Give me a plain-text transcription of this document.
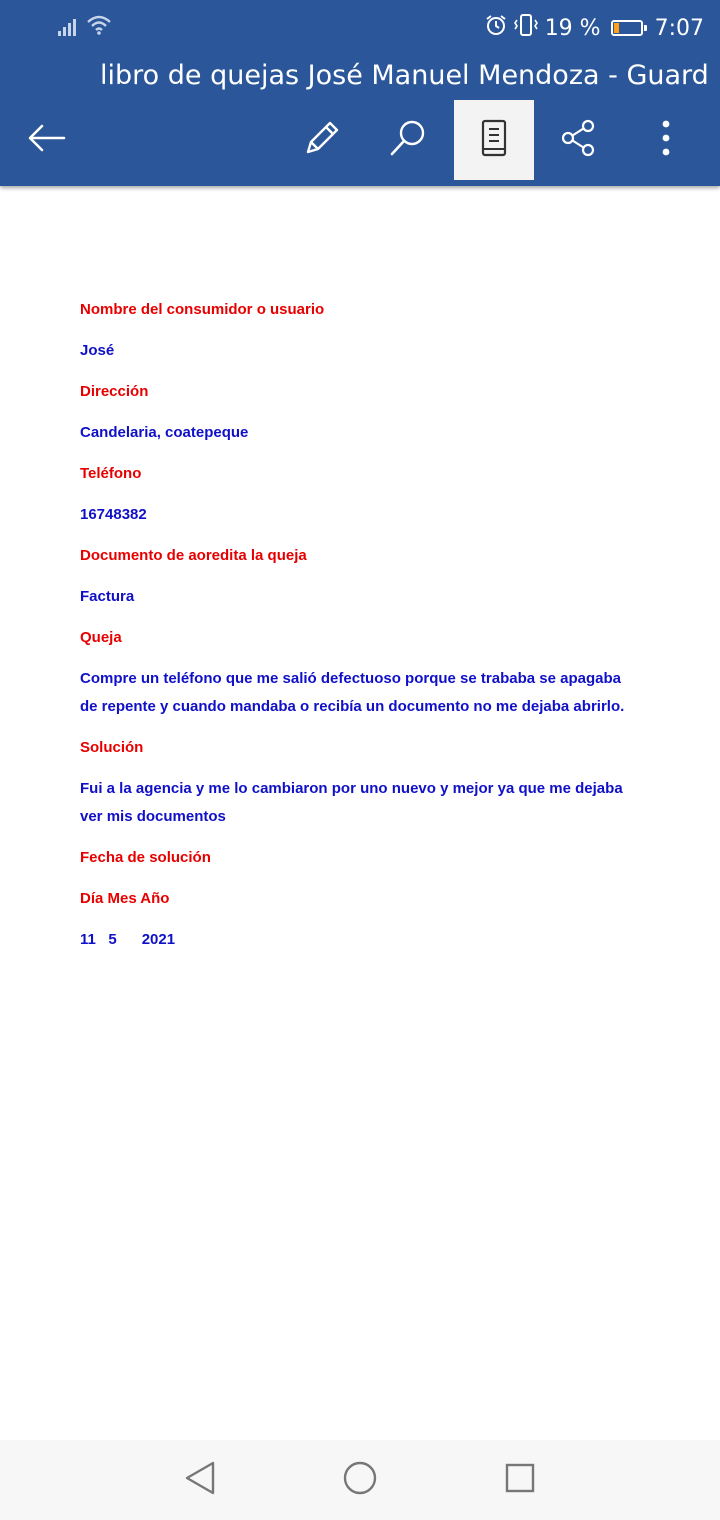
19 % 7:07
libro de quejas José Manuel Mendoza - Guard

Nombre del consumidor o usuario

José

Dirección

Candelaria, coatepeque

Teléfono

16748382

Documento de aoredita la queja

Factura

Queja

Compre un teléfono que me salió defectuoso porque se trababa se apagaba de repente y cuando mandaba o recibía un documento no me dejaba abrirlo.

Solución

Fui a la agencia y me lo cambiaron por uno nuevo y mejor ya que me dejaba ver mis documentos

Fecha de solución

Día Mes Año

11   5      2021
